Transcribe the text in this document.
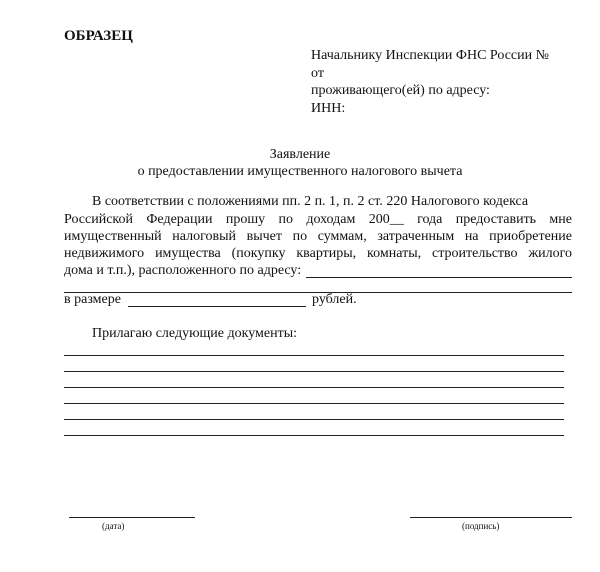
ОБРАЗЕЦ
Начальнику Инспекции ФНС России №
от
проживающего(ей) по адресу:
ИНН:
Заявление
о предоставлении имущественного налогового вычета
В соответствии с положениями пп. 2 п. 1, п. 2 ст. 220 Налогового кодекса
Российской Федерации прошу по доходам 200__ года предоставить мне
имущественный налоговый вычет по суммам, затраченным на приобретение
недвижимого имущества (покупку квартиры, комнаты, строительство жилого
дома и т.п.), расположенного по адресу:
в размере	рублей.
Прилагаю следующие документы:
(дата)	(подпись)
